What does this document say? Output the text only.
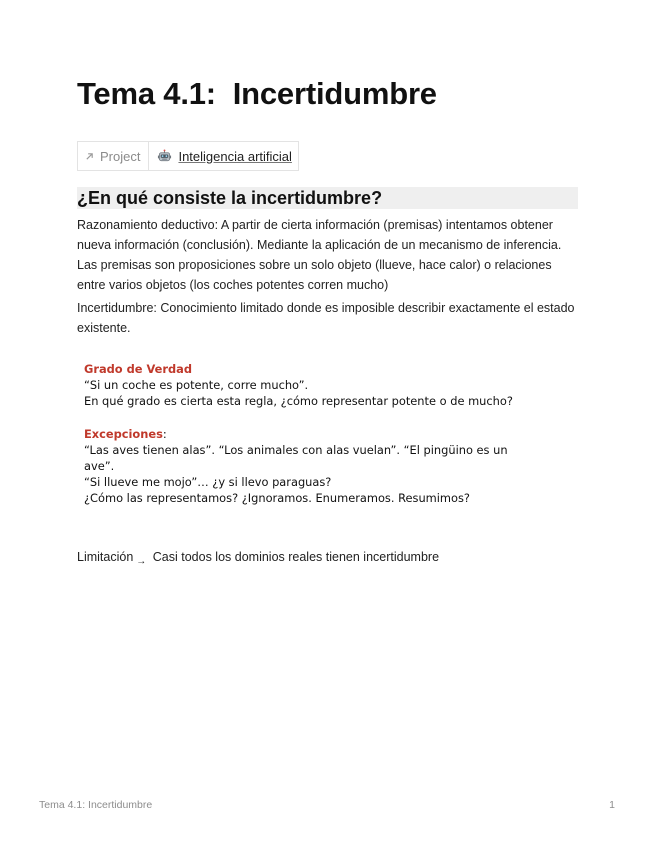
Tema 4.1:  Incertidumbre
Project	Inteligencia artificial
¿En qué consiste la incertidumbre?

Razonamiento deductivo: A partir de cierta información (premisas) intentamos obtener nueva información (conclusión). Mediante la aplicación de un mecanismo de inferencia. Las premisas son proposiciones sobre un solo objeto (llueve, hace calor) o relaciones entre varios objetos (los coches potentes corren mucho)

Incertidumbre: Conocimiento limitado donde es imposible describir exactamente el estado existente.

Grado de Verdad
“Si un coche es potente, corre mucho”.
En qué grado es cierta esta regla, ¿cómo representar potente o de mucho?
Excepciones:
“Las aves tienen alas”. “Los animales con alas vuelan”. “El pingüino es un
ave”.
“Si llueve me mojo”… ¿y si llevo paraguas?
¿Cómo las representamos? ¿Ignoramos. Enumeramos. Resumimos?
Limitación → Casi todos los dominios reales tienen incertidumbre
Tema 4.1: Incertidumbre	1
